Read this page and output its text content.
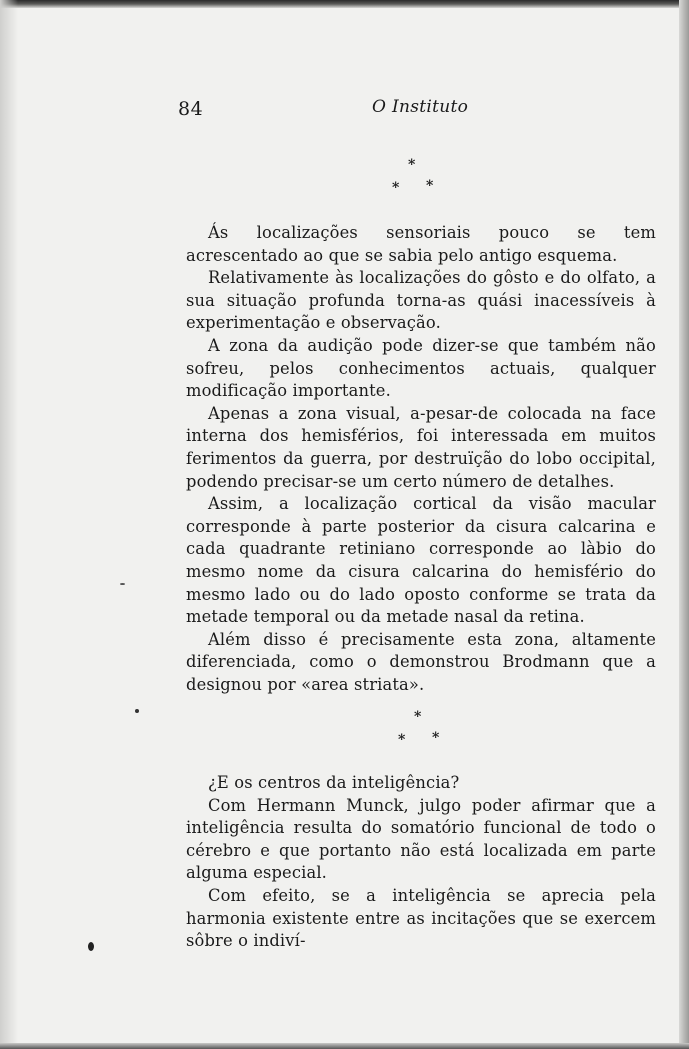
84	O Instituto
*
* *

Ás localizações sensoriais pouco se tem acrescentado ao que se sabia pelo antigo esquema.

Relativamente às localizações do gôsto e do olfato, a sua situação profunda torna-as quási inacessíveis à experimentação e observação.

A zona da audição pode dizer-se que também não sofreu, pelos conhecimentos actuais, qualquer modificação importante.

Apenas a zona visual, a-pesar-de colocada na face interna dos hemisférios, foi interessada em muitos ferimentos da guerra, por destruïção do lobo occipital, podendo precisar-se um certo número de detalhes.

Assim, a localização cortical da visão macular corresponde à parte posterior da cisura calcarina e cada quadrante retiniano corresponde ao làbio do mesmo nome da cisura calcarina do hemisfério do mesmo lado ou do lado oposto conforme se trata da metade temporal ou da metade nasal da retina.

Além disso é precisamente esta zona, altamente diferenciada, como o demonstrou Brodmann que a designou por «area striata».

*
* *

¿E os centros da inteligência?

Com Hermann Munck, julgo poder afirmar que a inteligência resulta do somatório funcional de todo o cérebro e que portanto não está localizada em parte alguma especial.

Com efeito, se a inteligência se aprecia pela harmonia existente entre as incitações que se exercem sôbre o indiví-
